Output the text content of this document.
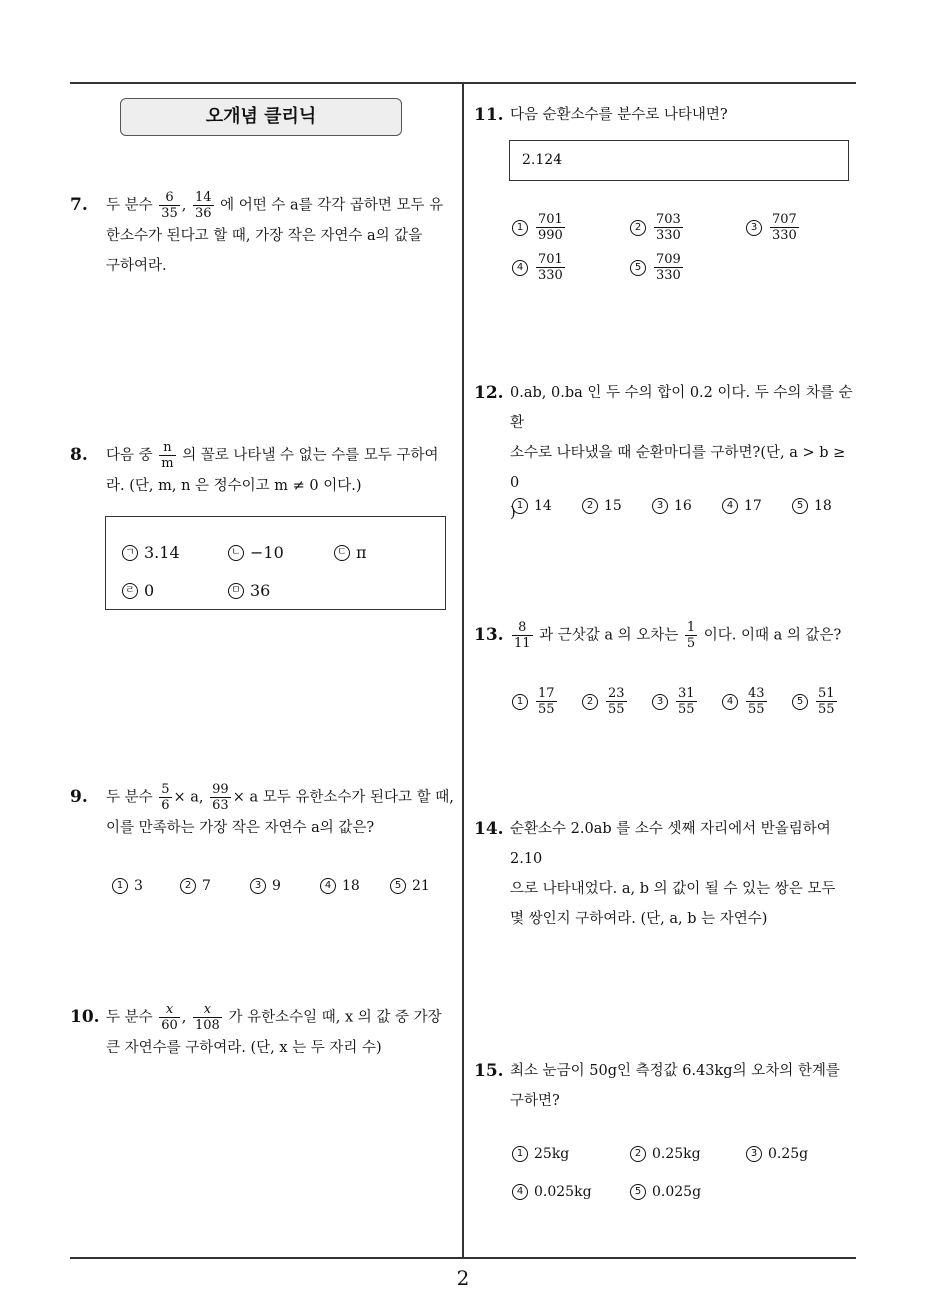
오개념 클리닉
7. 두 분수 $\frac{6}{35}$ , $\frac{14}{36}$ 에 어떤 수 a를 각각 곱하면 모두 유
한소수가 된다고 할 때, 가장 작은 자연수 a의 값을
구하여라.
8. 다음 중 $\frac{n}{m}$ 의 꼴로 나타낼 수 없는 수를 모두 구하여
라. (단, m, n 은 정수이고 m ≠ 0 이다.)
ㄱ 3.14	ㄴ −10	ㄷ π
ㄹ 0	ㅁ 36
9. 두 분수 $\frac{5}{6} \times a$, $\frac{99}{63} \times a$ 모두 유한소수가 된다고 할 때,
이를 만족하는 가장 작은 자연수 a의 값은?
1 3	2 7	3 9	4 18	5 21
10. 두 분수 $\frac{x}{60}$ , $\frac{x}{108}$ 가 유한소수일 때, x 의 값 중 가장
큰 자연수를 구하여라. (단, x 는 두 자리 수)
11. 다음 순환소수를 분수로 나타내면?
2.12 ·4 ·
$1 \frac{701}{990}$	$2 \frac{703}{330}$	$3 \frac{707}{330}$
$4 \frac{701}{330}$	$5 \frac{709}{330}$
12. 0.ab, 0.ba 인 두 수의 합이 0.2 이다. 두 수의 차를 순환
소수로 나타냈을 때 순환마디를 구하면?(단, a > b ≥ 0
) 1 14	2 15	3 16	4 17	5 18
13. $\frac{8}{11}$ 과 근삿값 a 의 오차는 $\frac{1}{5}$ 이다. 이때 a 의 값은?
$1 \frac{17}{55}$	$2 \frac{23}{55}$	$3 \frac{31}{55}$	$4 \frac{43}{55}$	$5 \frac{51}{55}$
14. 순환소수 2.0ab 를 소수 셋째 자리에서 반올림하여 2.10
으로 나타내었다. a, b 의 값이 될 수 있는 쌍은 모두
몇 쌍인지 구하여라. (단, a, b 는 자연수)
15. 최소 눈금이 50g인 측정값 6.43kg의 오차의 한계를
구하면?
1 25kg	2 0.25kg	3 0.25g
4 0.025kg	5 0.025g
2
